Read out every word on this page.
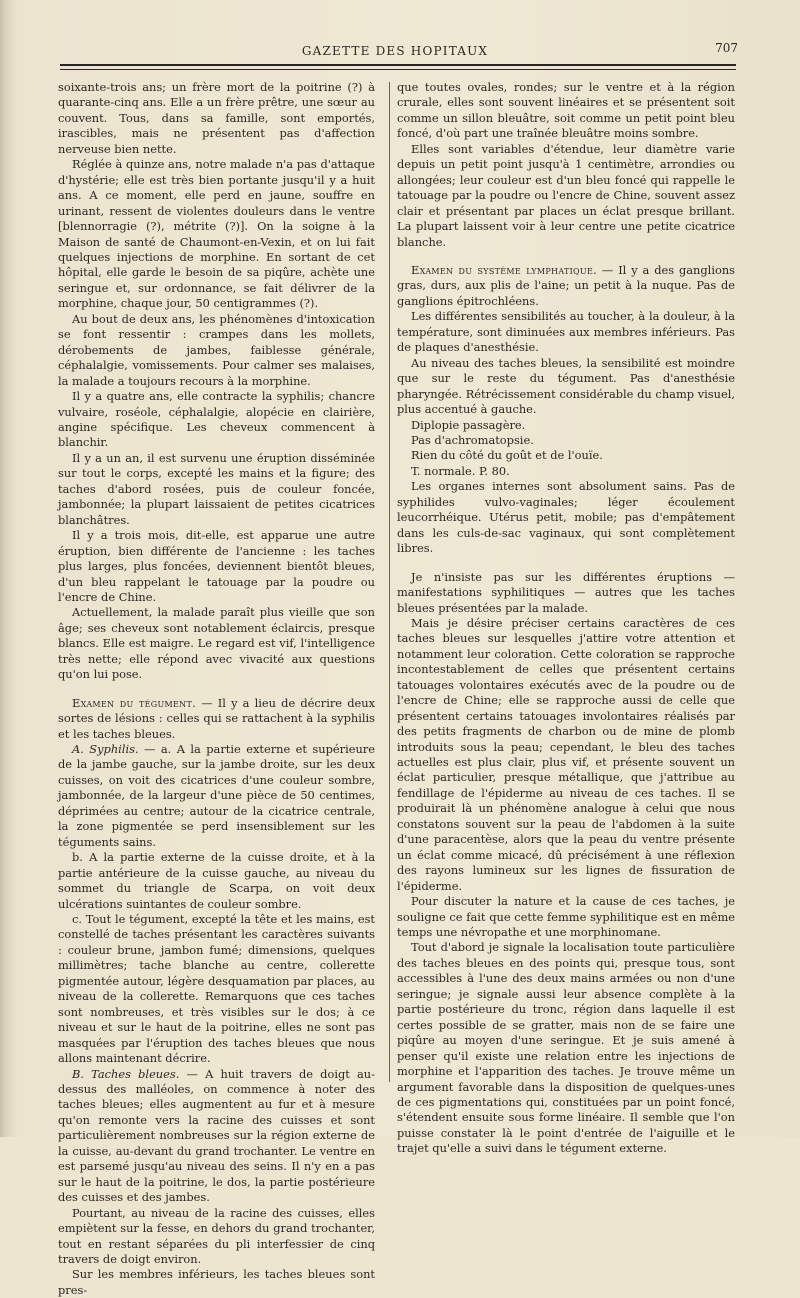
GAZETTE DES HOPITAUX	707

soixante-trois ans; un frère mort de la poitrine (?) à quarante-cinq ans. Elle a un frère prêtre, une sœur au couvent. Tous, dans sa famille, sont emportés, irascibles, mais ne présentent pas d'affection nerveuse bien nette.

Réglée à quinze ans, notre malade n'a pas d'attaque d'hystérie; elle est très bien portante jusqu'il y a huit ans. A ce moment, elle perd en jaune, souffre en urinant, ressent de violentes douleurs dans le ventre [blennorragie (?), métrite (?)]. On la soigne à la Maison de santé de Chaumont-en-Vexin, et on lui fait quelques injections de morphine. En sortant de cet hôpital, elle garde le besoin de sa piqûre, achète une seringue et, sur ordonnance, se fait délivrer de la morphine, chaque jour, 50 centigrammes (?).

Au bout de deux ans, les phénomènes d'intoxication se font ressentir : crampes dans les mollets, dérobements de jambes, faiblesse générale, céphalalgie, vomissements. Pour calmer ses malaises, la malade a toujours recours à la morphine.

Il y a quatre ans, elle contracte la syphilis; chancre vulvaire, roséole, céphalalgie, alopécie en clairière, angine spécifique. Les cheveux commencent à blanchir.

Il y a un an, il est survenu une éruption disséminée sur tout le corps, excepté les mains et la figure; des taches d'abord rosées, puis de couleur foncée, jambonnée; la plupart laissaient de petites cicatrices blanchâtres.

Il y a trois mois, dit-elle, est apparue une autre éruption, bien différente de l'ancienne : les taches plus larges, plus foncées, deviennent bientôt bleues, d'un bleu rappelant le tatouage par la poudre ou l'encre de Chine.

Actuellement, la malade paraît plus vieille que son âge; ses cheveux sont notablement éclaircis, presque blancs. Elle est maigre. Le regard est vif, l'intelligence très nette; elle répond avec vivacité aux questions qu'on lui pose.

Examen du tégument. — Il y a lieu de décrire deux sortes de lésions : celles qui se rattachent à la syphilis et les taches bleues.

A. Syphilis. — a. A la partie externe et supérieure de la jambe gauche, sur la jambe droite, sur les deux cuisses, on voit des cicatrices d'une couleur sombre, jambonnée, de la largeur d'une pièce de 50 centimes, déprimées au centre; autour de la cicatrice centrale, la zone pigmentée se perd insensiblement sur les téguments sains.

b. A la partie externe de la cuisse droite, et à la partie antérieure de la cuisse gauche, au niveau du sommet du triangle de Scarpa, on voit deux ulcérations suintantes de couleur sombre.

c. Tout le tégument, excepté la tête et les mains, est constellé de taches présentant les caractères suivants : couleur brune, jambon fumé; dimensions, quelques millimètres; tache blanche au centre, collerette pigmentée autour, légère desquamation par places, au niveau de la collerette. Remarquons que ces taches sont nombreuses, et très visibles sur le dos; à ce niveau et sur le haut de la poitrine, elles ne sont pas masquées par l'éruption des taches bleues que nous allons maintenant décrire.

B. Taches bleues. — A huit travers de doigt au-dessus des malléoles, on commence à noter des taches bleues; elles augmentent au fur et à mesure qu'on remonte vers la racine des cuisses et sont particulièrement nombreuses sur la région externe de la cuisse, au-devant du grand trochanter. Le ventre en est parsemé jusqu'au niveau des seins. Il n'y en a pas sur le haut de la poitrine, le dos, la partie postérieure des cuisses et des jambes.

Pourtant, au niveau de la racine des cuisses, elles empiètent sur la fesse, en dehors du grand trochanter, tout en restant séparées du pli interfessier de cinq travers de doigt environ.

Sur les membres inférieurs, les taches bleues sont pres-

que toutes ovales, rondes; sur le ventre et à la région crurale, elles sont souvent linéaires et se présentent soit comme un sillon bleuâtre, soit comme un petit point bleu foncé, d'où part une traînée bleuâtre moins sombre.

Elles sont variables d'étendue, leur diamètre varie depuis un petit point jusqu'à 1 centimètre, arrondies ou allongées; leur couleur est d'un bleu foncé qui rappelle le tatouage par la poudre ou l'encre de Chine, souvent assez clair et présentant par places un éclat presque brillant. La plupart laissent voir à leur centre une petite cicatrice blanche.

Examen du système lymphatique. — Il y a des ganglions gras, durs, aux plis de l'aine; un petit à la nuque. Pas de ganglions épitrochléens.

Les différentes sensibilités au toucher, à la douleur, à la température, sont diminuées aux membres inférieurs. Pas de plaques d'anesthésie.

Au niveau des taches bleues, la sensibilité est moindre que sur le reste du tégument. Pas d'anesthésie pharyngée. Rétrécissement considérable du champ visuel, plus accentué à gauche.

Diplopie passagère.

Pas d'achromatopsie.

Rien du côté du goût et de l'ouïe.

T. normale. P. 80.

Les organes internes sont absolument sains. Pas de syphilides vulvo-vaginales; léger écoulement leucorrhéique. Utérus petit, mobile; pas d'empâtement dans les culs-de-sac vaginaux, qui sont complètement libres.

Je n'insiste pas sur les différentes éruptions — manifestations syphilitiques — autres que les taches bleues présentées par la malade.

Mais je désire préciser certains caractères de ces taches bleues sur lesquelles j'attire votre attention et notamment leur coloration. Cette coloration se rapproche incontestablement de celles que présentent certains tatouages volontaires exécutés avec de la poudre ou de l'encre de Chine; elle se rapproche aussi de celle que présentent certains tatouages involontaires réalisés par des petits fragments de charbon ou de mine de plomb introduits sous la peau; cependant, le bleu des taches actuelles est plus clair, plus vif, et présente souvent un éclat particulier, presque métallique, que j'attribue au fendillage de l'épiderme au niveau de ces taches. Il se produirait là un phénomène analogue à celui que nous constatons souvent sur la peau de l'abdomen à la suite d'une paracentèse, alors que la peau du ventre présente un éclat comme micacé, dû précisément à une réflexion des rayons lumineux sur les lignes de fissuration de l'épiderme.

Pour discuter la nature et la cause de ces taches, je souligne ce fait que cette femme syphilitique est en même temps une névropathe et une morphinomane.

Tout d'abord je signale la localisation toute particulière des taches bleues en des points qui, presque tous, sont accessibles à l'une des deux mains armées ou non d'une seringue; je signale aussi leur absence complète à la partie postérieure du tronc, région dans laquelle il est certes possible de se gratter, mais non de se faire une piqûre au moyen d'une seringue. Et je suis amené à penser qu'il existe une relation entre les injections de morphine et l'apparition des taches. Je trouve même un argument favorable dans la disposition de quelques-unes de ces pigmentations qui, constituées par un point foncé, s'étendent ensuite sous forme linéaire. Il semble que l'on puisse constater là le point d'entrée de l'aiguille et le trajet qu'elle a suivi dans le tégument externe.
